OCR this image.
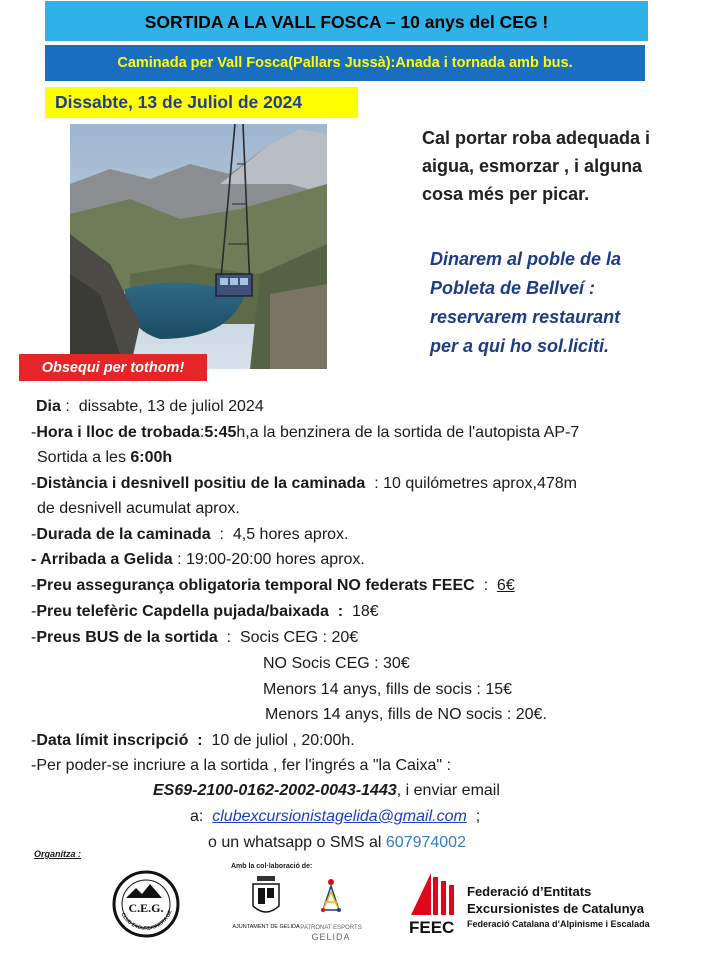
SORTIDA A LA VALL FOSCA – 10 anys del CEG !
Caminada per Vall Fosca(Pallars Jussà):Anada i tornada amb bus.
Dissabte, 13 de Juliol de 2024
Obsequi per tothom!
Cal portar roba adequada i
aigua, esmorzar , i alguna
cosa més per picar.
Dinarem al poble de la
Pobleta de Bellveí :
reservarem restaurant
per a qui ho sol.liciti.
Dia :  dissabte, 13 de juliol 2024
-Hora i lloc de trobada:5:45h,a la benzinera de la sortida de l'autopista AP-7
Sortida a les 6:00h
-Distància i desnivell positiu de la caminada  : 10 quilómetres aprox,478m
de desnivell acumulat aprox.
-Durada de la caminada  :  4,5 hores aprox.
- Arribada a Gelida : 19:00-20:00 hores aprox.
-Preu assegurança obligatoria temporal NO federats FEEC  :  6€
-Preu telefèric Capdella pujada/baixada : 18€
-Preus BUS de la sortida  :  Socis CEG : 20€
NO Socis CEG : 30€
Menors 14 anys, fills de socis : 15€
Menors 14 anys, fills de NO socis : 20€.
-Data límit inscripció : 10 de juliol , 20:00h.
-Per poder-se incriure a la sortida , fer l'ingrés a "la Caixa" :
ES69-2100-0162-2002-0043-1443, i enviar email
a: clubexcursionistagelida@gmail.com  ;
o un whatsapp o SMS al 607974002
Organitza :
C.E.G.
CLUB EXCURSIONISTA GE
AJUNTAMENT DE GELIDA PATRONAT ESPORTS
GELIDA
Amb la col·laboració de:
FEEC
Federació d’Entitats
Excursionistes de Catalunya
Federació Catalana d’Alpinisme i Escalada
